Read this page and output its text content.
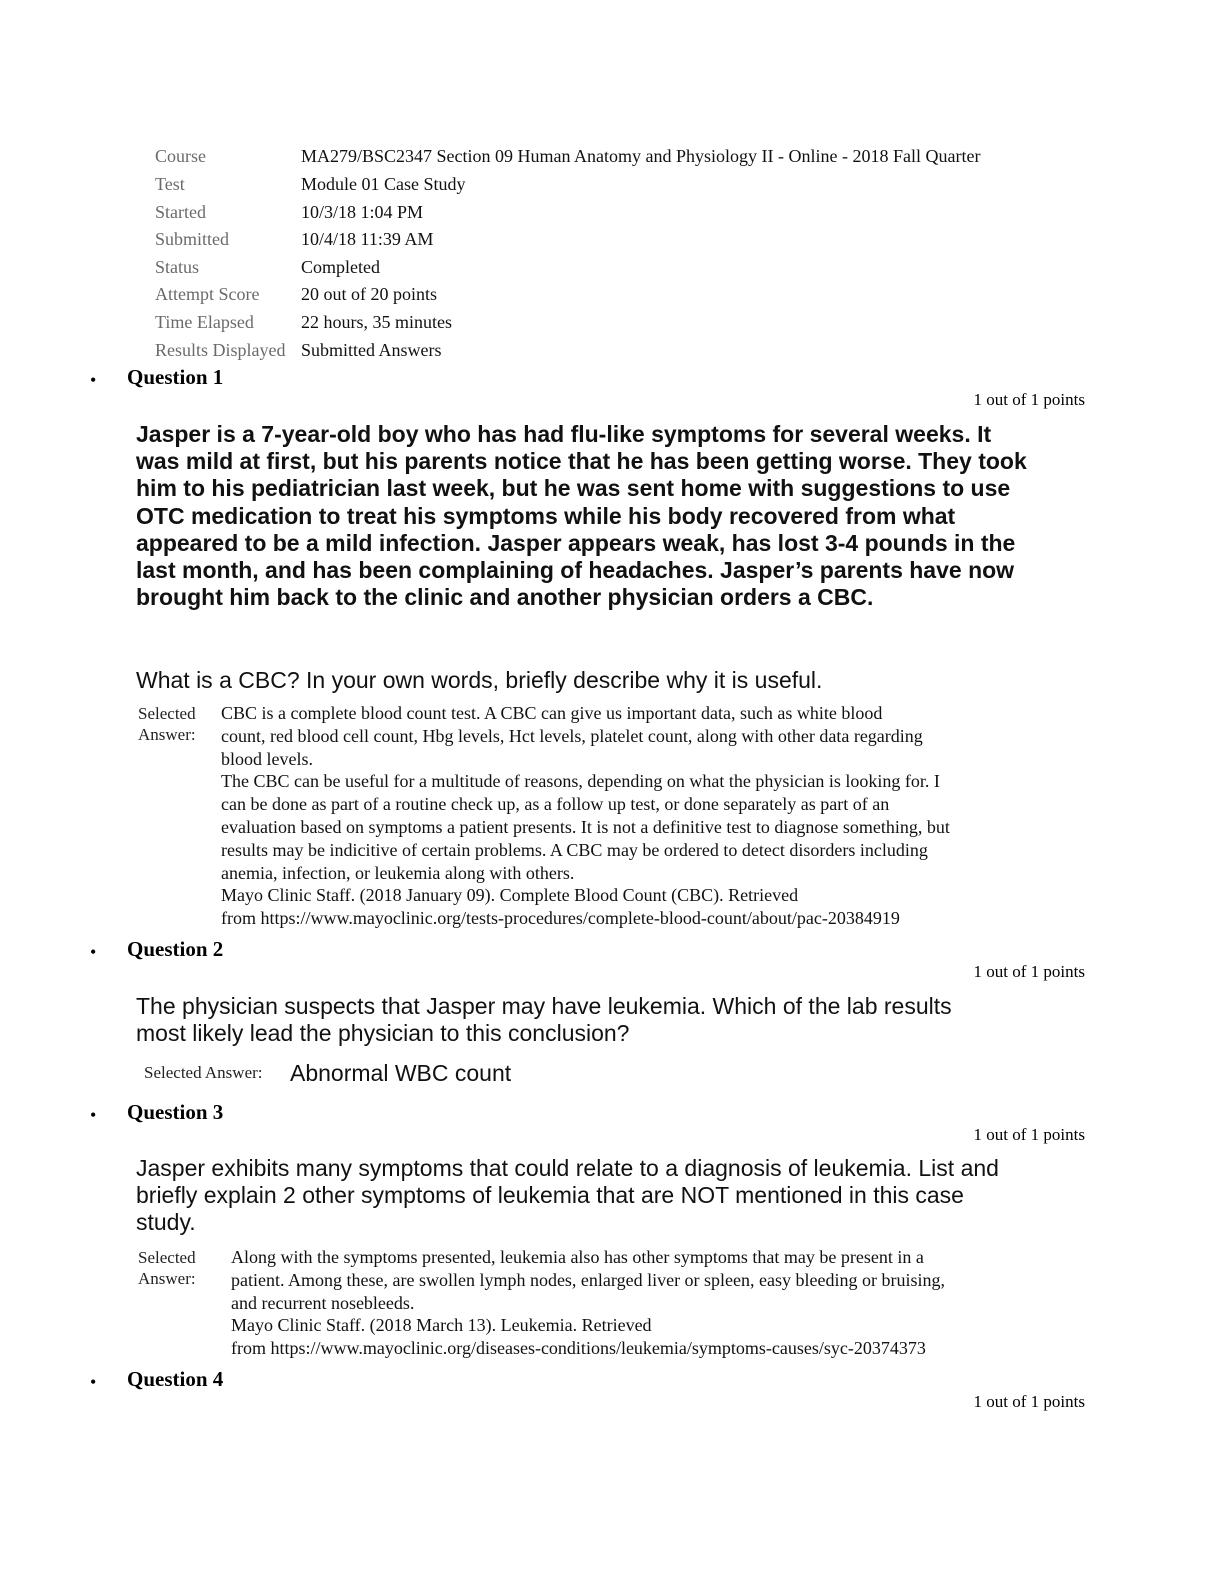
Course	MA279/BSC2347 Section 09 Human Anatomy and Physiology II - Online - 2018 Fall Quarter
Test	Module 01 Case Study
Started	10/3/18 1:04 PM
Submitted	10/4/18 11:39 AM
Status	Completed
Attempt Score 20 out of 20 points
Time Elapsed	22 hours, 35 minutes
Results Displayed Submitted Answers
• Question 1
1 out of 1 points
Jasper is a 7-year-old boy who has had flu-like symptoms for several weeks. It was mild at first, but his parents notice that he has been getting worse. They took him to his pediatrician last week, but he was sent home with suggestions to use OTC medication to treat his symptoms while his body recovered from what appeared to be a mild infection. Jasper appears weak, has lost 3-4 pounds in the last month, and has been complaining of headaches. Jasper’s parents have now brought him back to the clinic and another physician orders a CBC.
What is a CBC? In your own words, briefly describe why it is useful.
Selected
Answer:
CBC is a complete blood count test. A CBC can give us important data, such as white blood
count, red blood cell count, Hbg levels, Hct levels, platelet count, along with other data regarding
blood levels.
The CBC can be useful for a multitude of reasons, depending on what the physician is looking for. I
can be done as part of a routine check up, as a follow up test, or done separately as part of an
evaluation based on symptoms a patient presents. It is not a definitive test to diagnose something, but
results may be indicitive of certain problems. A CBC may be ordered to detect disorders including
anemia, infection, or leukemia along with others.
Mayo Clinic Staff. (2018 January 09). Complete Blood Count (CBC). Retrieved
from https://www.mayoclinic.org/tests-procedures/complete-blood-count/about/pac-20384919
• Question 2
1 out of 1 points
The physician suspects that Jasper may have leukemia. Which of the lab results
most likely lead the physician to this conclusion?
Selected Answer: Abnormal WBC count
• Question 3
1 out of 1 points
Jasper exhibits many symptoms that could relate to a diagnosis of leukemia. List and
briefly explain 2 other symptoms of leukemia that are NOT mentioned in this case
study.
Selected
Answer:
Along with the symptoms presented, leukemia also has other symptoms that may be present in a
patient. Among these, are swollen lymph nodes, enlarged liver or spleen, easy bleeding or bruising,
and recurrent nosebleeds.
Mayo Clinic Staff. (2018 March 13). Leukemia. Retrieved
from https://www.mayoclinic.org/diseases-conditions/leukemia/symptoms-causes/syc-20374373
• Question 4
1 out of 1 points
